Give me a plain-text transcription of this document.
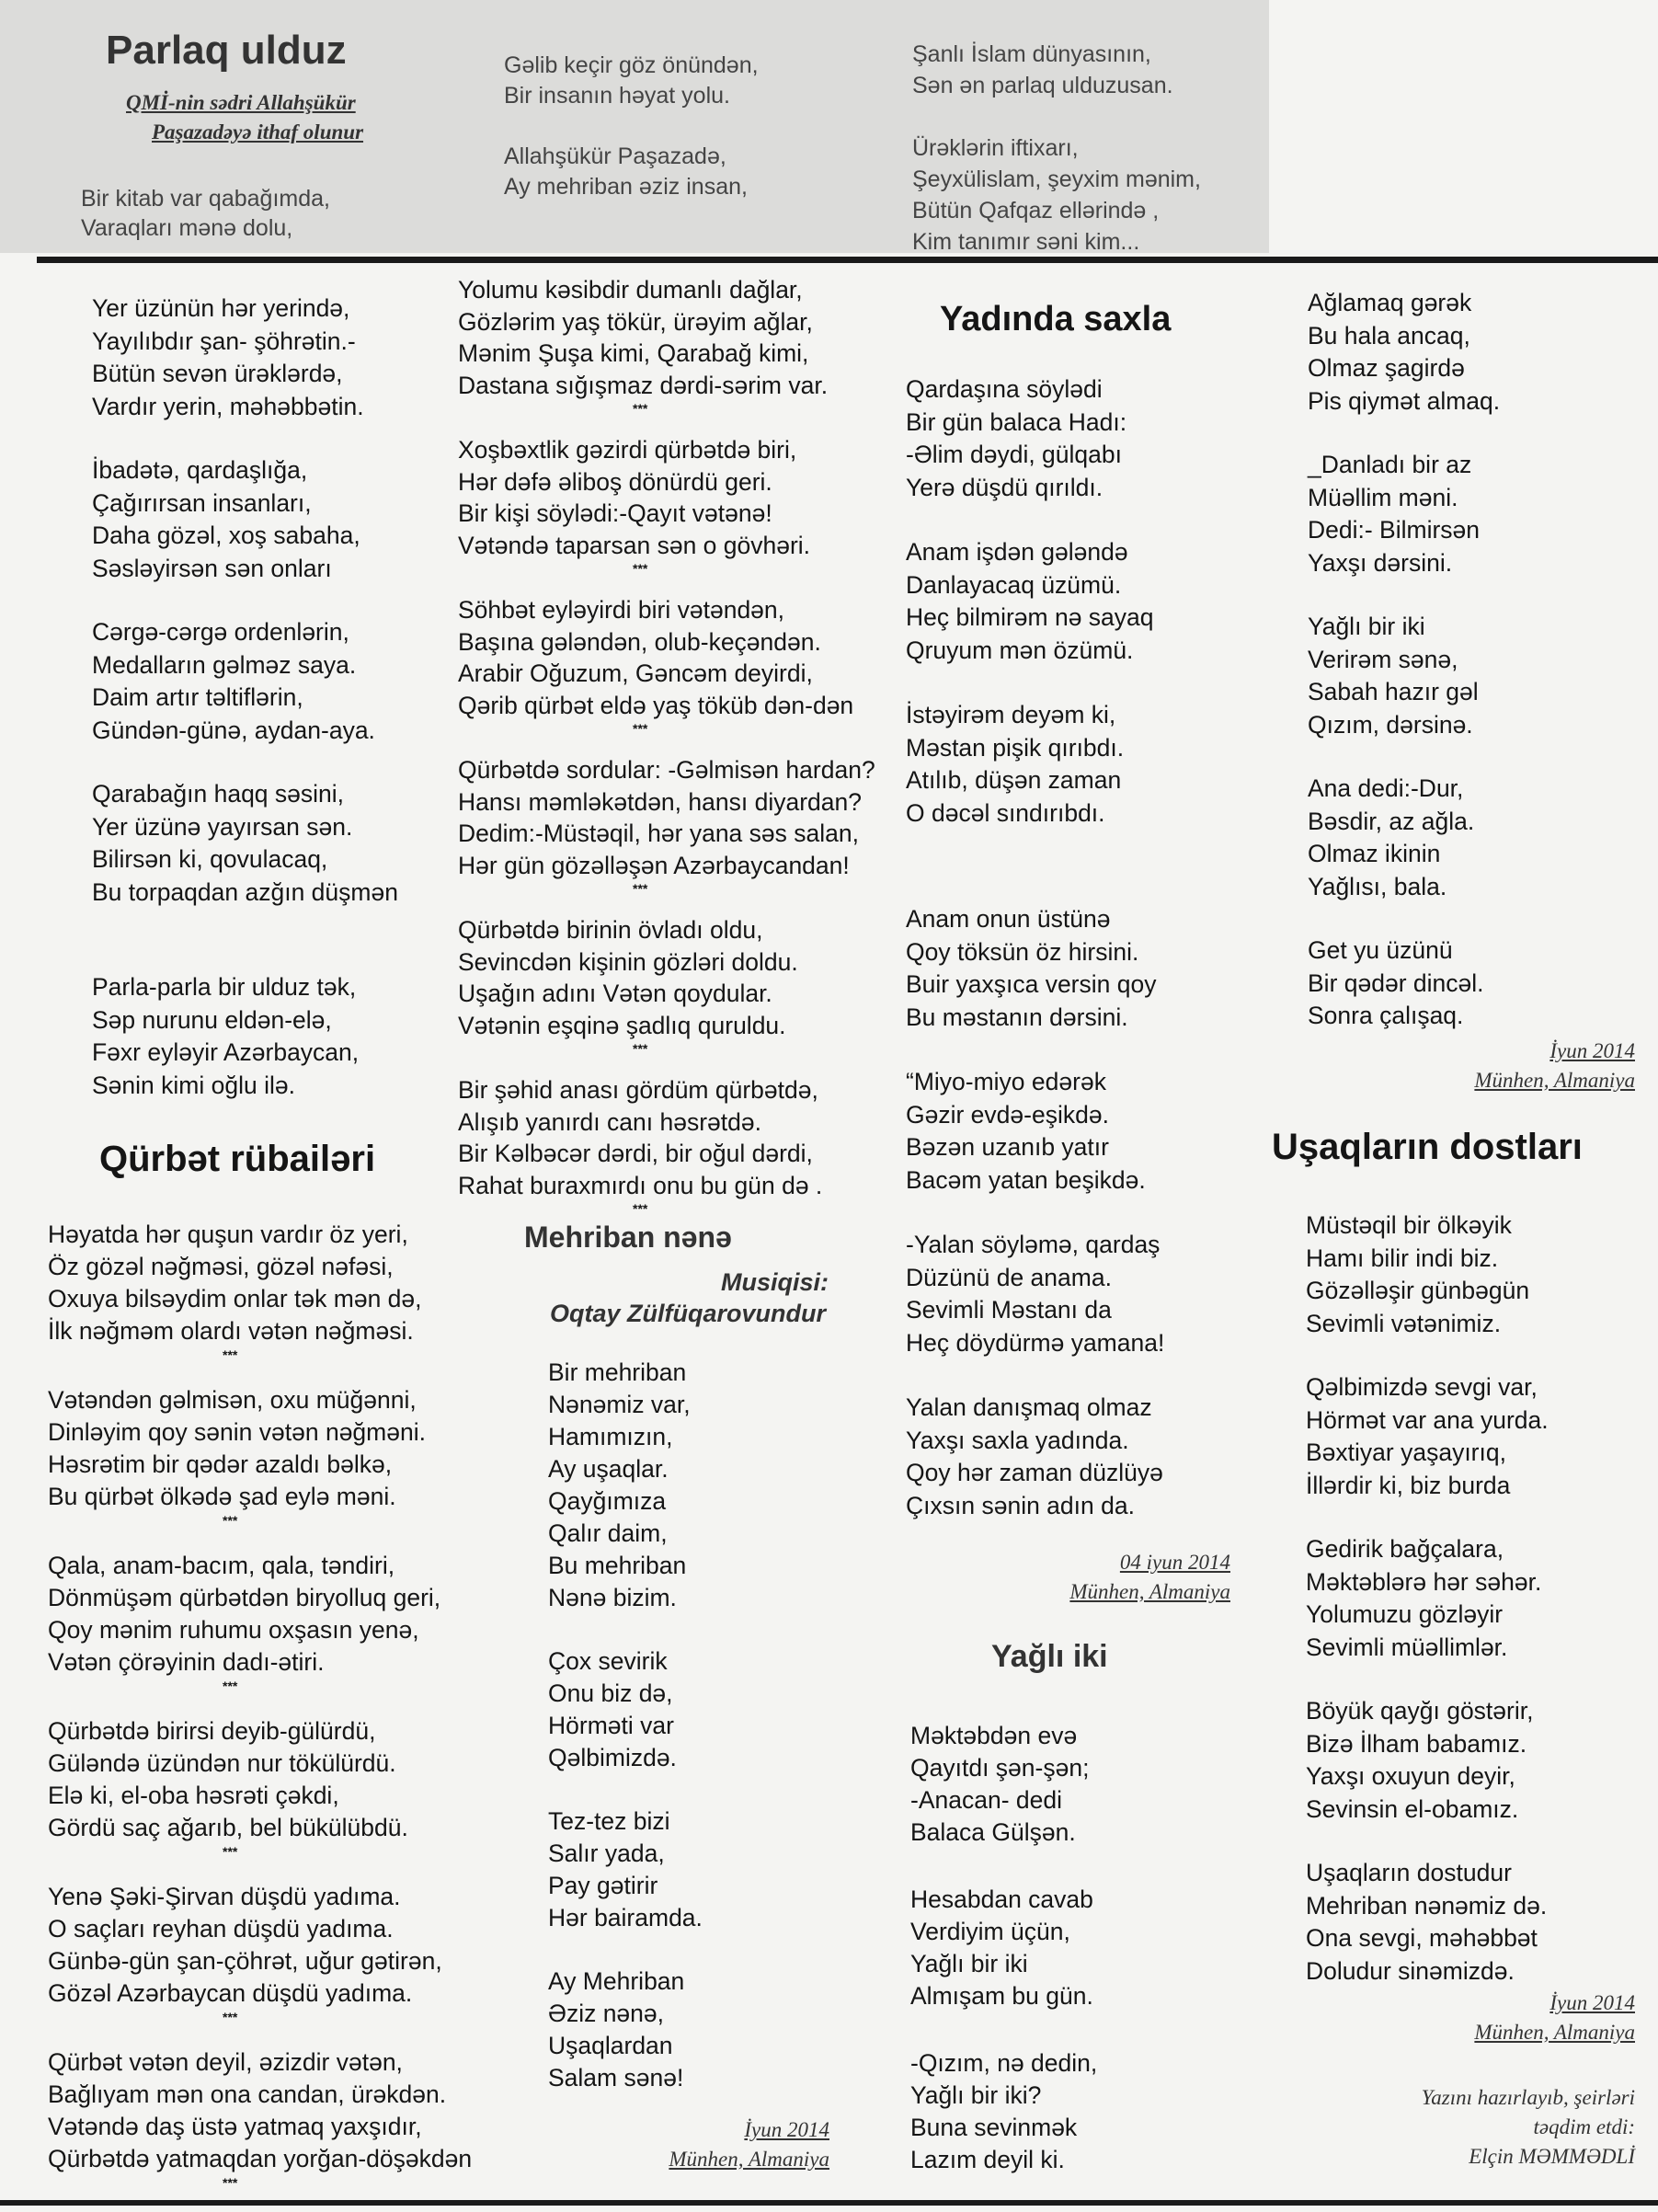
Parlaq ulduz
QMİ-nin sədri Allahşükür
Paşazadəyə ithaf olunur
Bir kitab var qabağımda,
Varaqları mənə dolu,
Gəlib keçir göz önündən,
Bir insanın həyat yolu.
Allahşükür Paşazadə,
Ay mehriban əziz insan,
Şanlı İslam dünyasının,
Sən ən parlaq ulduzusan.
Ürəklərin iftixarı,
Şeyxülislam, şeyxim mənim,
Bütün Qafqaz ellərində ,
Kim tanımır səni kim...
Yer üzünün hər yerində,
Yayılıbdır şan- şöhrətin.-
Bütün sevən ürəklərdə,
Vardır yerin, məhəbbətin.
İbadətə, qardaşlığa,
Çağırırsan insanları,
Daha gözəl, xoş sabaha,
Səsləyirsən sən onları
Cərgə-cərgə ordenlərin,
Medalların gəlməz saya.
Daim artır təltiflərin,
Gündən-günə, aydan-aya.
Qarabağın haqq səsini,
Yer üzünə yayırsan sən.
Bilirsən ki, qovulacaq,
Bu torpaqdan azğın düşmən
Parla-parla bir ulduz tək,
Səp nurunu eldən-elə,
Fəxr eyləyir Azərbaycan,
Sənin kimi oğlu ilə.
Qürbət rübailəri
Həyatda hər quşun vardır öz yeri,
Öz gözəl nəğməsi, gözəl nəfəsi,
Oxuya bilsəydim onlar tək mən də,
İlk nəğməm olardı vətən nəğməsi.
***
Vətəndən gəlmisən, oxu müğənni,
Dinləyim qoy sənin vətən nəğməni.
Həsrətim bir qədər azaldı bəlkə,
Bu qürbət ölkədə şad eylə məni.
***
Qala, anam-bacım, qala, təndiri,
Dönmüşəm qürbətdən biryolluq geri,
Qoy mənim ruhumu oxşasın yenə,
Vətən çörəyinin dadı-ətiri.
***
Qürbətdə birirsi deyib-gülürdü,
Güləndə üzündən nur tökülürdü.
Elə ki, el-oba həsrəti çəkdi,
Gördü saç ağarıb, bel bükülübdü.
***
Yenə Şəki-Şirvan düşdü yadıma.
O saçları reyhan düşdü yadıma.
Günbə-gün şan-çöhrət, uğur gətirən,
Gözəl Azərbaycan düşdü yadıma.
***
Qürbət vətən deyil, əzizdir vətən,
Bağlıyam mən ona candan, ürəkdən.
Vətəndə daş üstə yatmaq yaxşıdır,
Qürbətdə yatmaqdan yorğan-döşəkdən
***
Yolumu kəsibdir dumanlı dağlar,
Gözlərim yaş tökür, ürəyim ağlar,
Mənim Şuşa kimi, Qarabağ kimi,
Dastana sığışmaz dərdi-sərim var.
***
Xoşbəxtlik gəzirdi qürbətdə biri,
Hər dəfə əliboş dönürdü geri.
Bir kişi söylədi:-Qayıt vətənə!
Vətəndə taparsan sən o gövhəri.
***
Söhbət eyləyirdi biri vətəndən,
Başına gələndən, olub-keçəndən.
Arabir Oğuzum, Gəncəm deyirdi,
Qərib qürbət eldə yaş töküb dən-dən
***
Qürbətdə sordular: -Gəlmisən hardan?
Hansı məmləkətdən, hansı diyardan?
Dedim:-Müstəqil, hər yana səs salan,
Hər gün gözəlləşən Azərbaycandan!
***
Qürbətdə birinin övladı oldu,
Sevincdən kişinin gözləri doldu.
Uşağın adını Vətən qoydular.
Vətənin eşqinə şadlıq quruldu.
***
Bir şəhid anası gördüm qürbətdə,
Alışıb yanırdı canı həsrətdə.
Bir Kəlbəcər dərdi, bir oğul dərdi,
Rahat buraxmırdı onu bu gün də .
***
Mehriban nənə
Musiqisi:
Oqtay Zülfüqarovundur
Bir mehriban
Nənəmiz var,
Hamımızın,
Ay uşaqlar.
Qayğımıza
Qalır daim,
Bu mehriban
Nənə bizim.
Çox sevirik
Onu biz də,
Hörməti var
Qəlbimizdə.
Tez-tez bizi
Salır yada,
Pay gətirir
Hər bairamda.
Ay Mehriban
Əziz nənə,
Uşaqlardan
Salam sənə!
İyun 2014
Münhen, Almaniya
Yadında saxla
Qardaşına söylədi
Bir gün balaca Hadı:
-Əlim dəydi, gülqabı
Yerə düşdü qırıldı.
Anam işdən gələndə
Danlayacaq üzümü.
Heç bilmirəm nə sayaq
Qruyum mən özümü.
İstəyirəm deyəm ki,
Məstan pişik qırıbdı.
Atılıb, düşən zaman
O dəcəl sındırıbdı.
Anam onun üstünə
Qoy töksün öz hirsini.
Buir yaxşıca versin qoy
Bu məstanın dərsini.
“Miyo-miyo edərək
Gəzir evdə-eşikdə.
Bəzən uzanıb yatır
Bacəm yatan beşikdə.
-Yalan söyləmə, qardaş
Düzünü de anama.
Sevimli Məstanı da
Heç döydürmə yamana!
Yalan danışmaq olmaz
Yaxşı saxla yadında.
Qoy hər zaman düzlüyə
Çıxsın sənin adın da.
04 iyun 2014
Münhen, Almaniya
Yağlı iki
Məktəbdən evə
Qayıtdı şən-şən;
-Anacan- dedi
Balaca Gülşən.
Hesabdan cavab
Verdiyim üçün,
Yağlı bir iki
Almışam bu gün.
-Qızım, nə dedin,
Yağlı bir iki?
Buna sevinmək
Lazım deyil ki.
Ağlamaq gərək
Bu hala ancaq,
Olmaz şagirdə
Pis qiymət almaq.
_Danladı bir az
Müəllim məni.
Dedi:- Bilmirsən
Yaxşı dərsini.
Yağlı bir iki
Verirəm sənə,
Sabah hazır gəl
Qızım, dərsinə.
Ana dedi:-Dur,
Bəsdir, az ağla.
Olmaz ikinin
Yağlısı, bala.
Get yu üzünü
Bir qədər dincəl.
Sonra çalışaq.
İyun 2014
Münhen, Almaniya
Uşaqların dostları
Müstəqil bir ölkəyik
Hamı bilir indi biz.
Gözəlləşir günbəgün
Sevimli vətənimiz.
Qəlbimizdə sevgi var,
Hörmət var ana yurda.
Bəxtiyar yaşayırıq,
İllərdir ki, biz burda
Gedirik bağçalara,
Məktəblərə hər səhər.
Yolumuzu gözləyir
Sevimli müəllimlər.
Böyük qayğı göstərir,
Bizə İlham babamız.
Yaxşı oxuyun deyir,
Sevinsin el-obamız.
Uşaqların dostudur
Mehriban nənəmiz də.
Ona sevgi, məhəbbət
Doludur sinəmizdə.
İyun 2014
Münhen, Almaniya
Yazını hazırlayıb, şeirləri
təqdim etdi:
Elçin MƏMMƏDLİ
